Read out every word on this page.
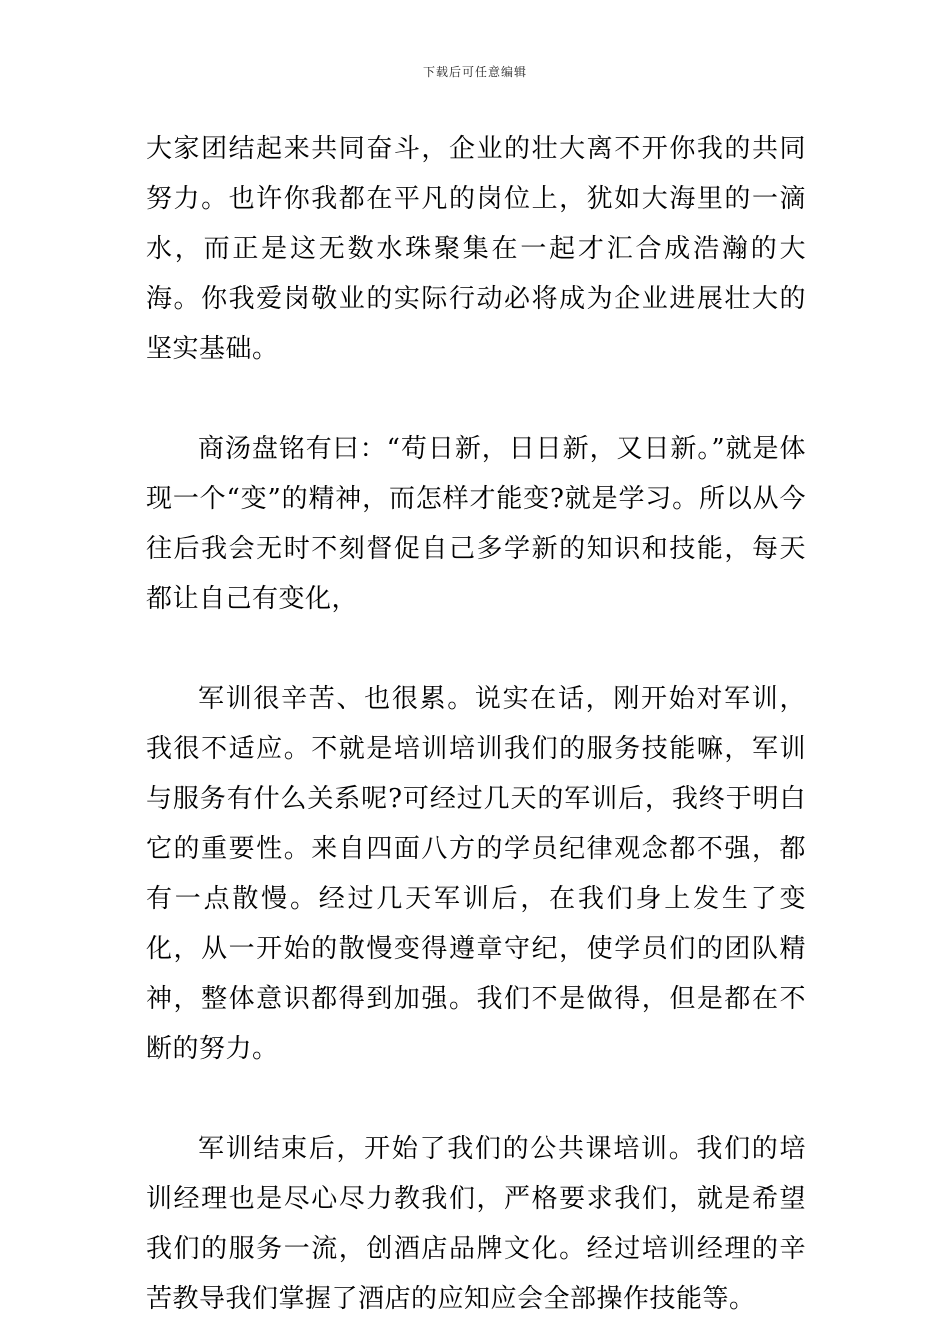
下载后可任意编辑

大家团结起来共同奋斗，企业的壮大离不开你我的共同努力。也许你我都在平凡的岗位上，犹如大海里的一滴水，而正是这无数水珠聚集在一起才汇合成浩瀚的大海。你我爱岗敬业的实际行动必将成为企业进展壮大的坚实基础。

商汤盘铭有曰：“苟日新，日日新，又日新。”就是体现一个“变”的精神，而怎样才能变?就是学习。所以从今往后我会无时不刻督促自己多学新的知识和技能，每天都让自己有变化，

军训很辛苦、也很累。说实在话，刚开始对军训，我很不适应。不就是培训培训我们的服务技能嘛，军训与服务有什么关系呢?可经过几天的军训后，我终于明白它的重要性。来自四面八方的学员纪律观念都不强，都有一点散慢。经过几天军训后，在我们身上发生了变化，从一开始的散慢变得遵章守纪，使学员们的团队精神，整体意识都得到加强。我们不是做得，但是都在不断的努力。

军训结束后，开始了我们的公共课培训。我们的培训经理也是尽心尽力教我们，严格要求我们，就是希望我们的服务一流，创酒店品牌文化。经过培训经理的辛苦教导我们掌握了酒店的应知应会全部操作技能等。
